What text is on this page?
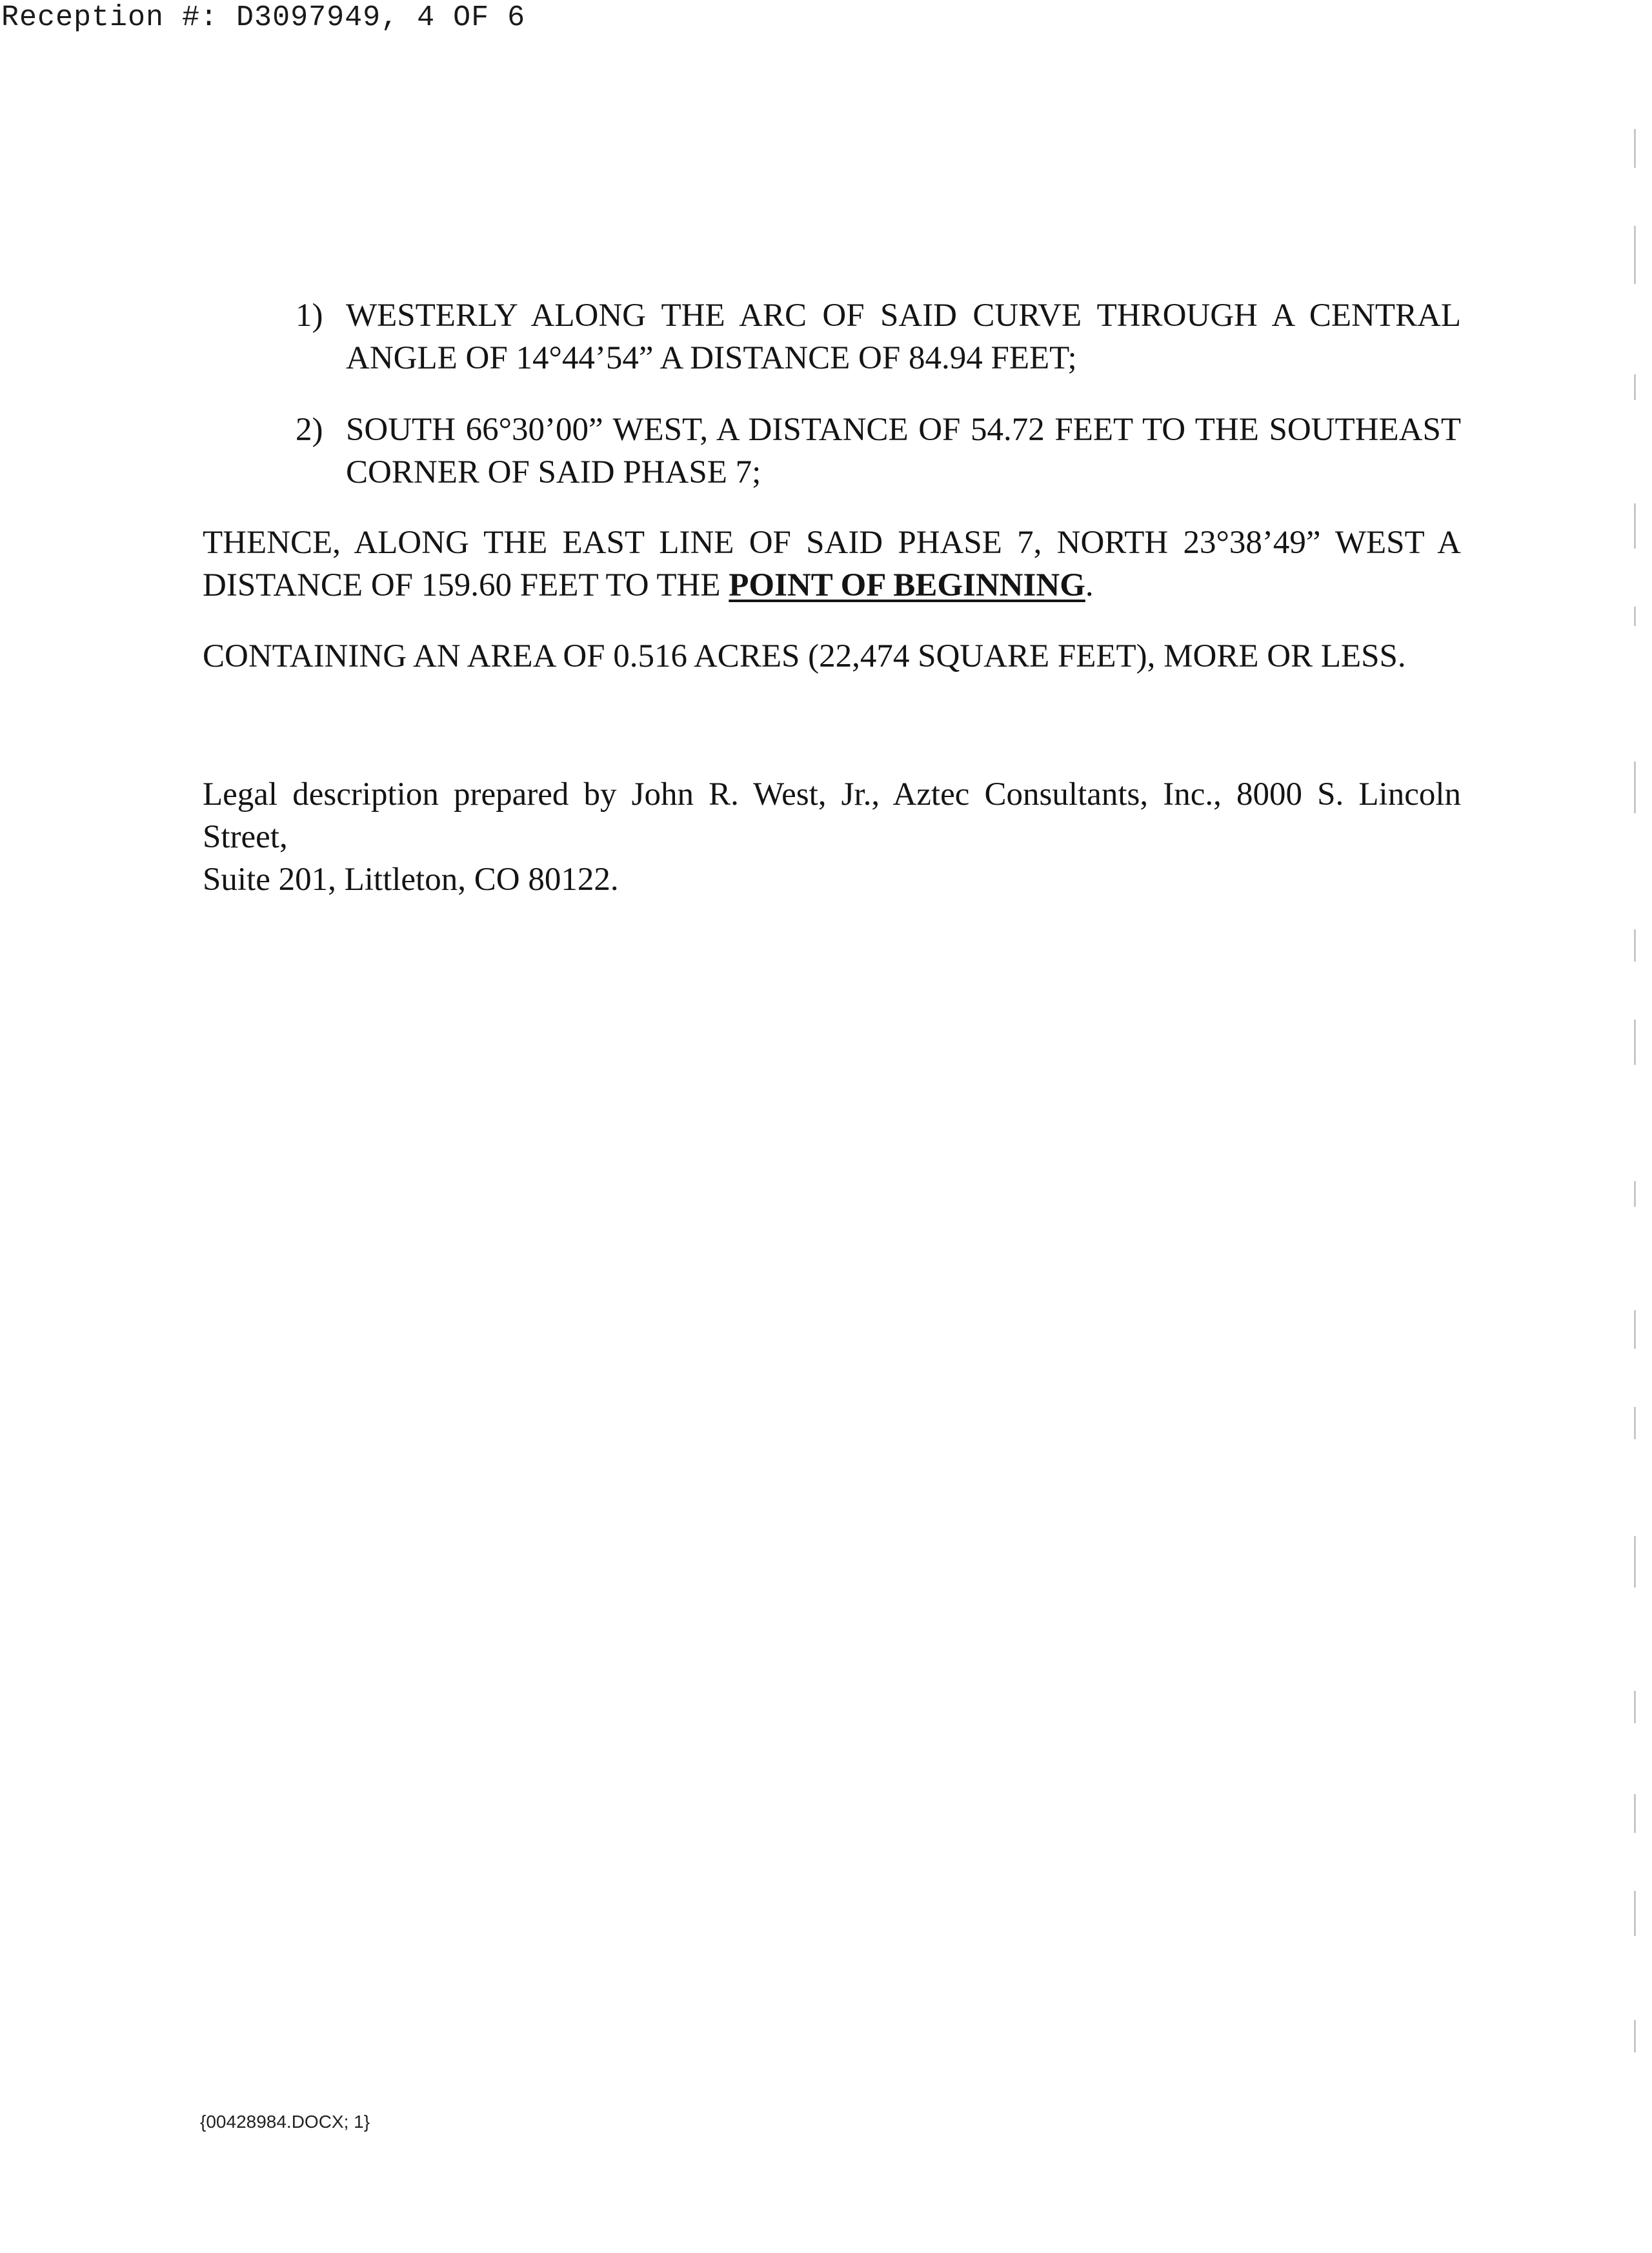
Reception #: D3097949, 4 OF 6
1) WESTERLY ALONG THE ARC OF SAID CURVE THROUGH A CENTRAL
ANGLE OF 14°44’54” A DISTANCE OF 84.94 FEET;
2) SOUTH 66°30’00” WEST, A DISTANCE OF 54.72 FEET TO THE SOUTHEAST
CORNER OF SAID PHASE 7;
THENCE, ALONG THE EAST LINE OF SAID PHASE 7, NORTH 23°38’49” WEST A
DISTANCE OF 159.60 FEET TO THE POINT OF BEGINNING.
CONTAINING AN AREA OF 0.516 ACRES (22,474 SQUARE FEET), MORE OR LESS.
Legal description prepared by John R. West, Jr., Aztec Consultants, Inc., 8000 S. Lincoln Street,
Suite 201, Littleton, CO 80122.
{00428984.DOCX; 1}
